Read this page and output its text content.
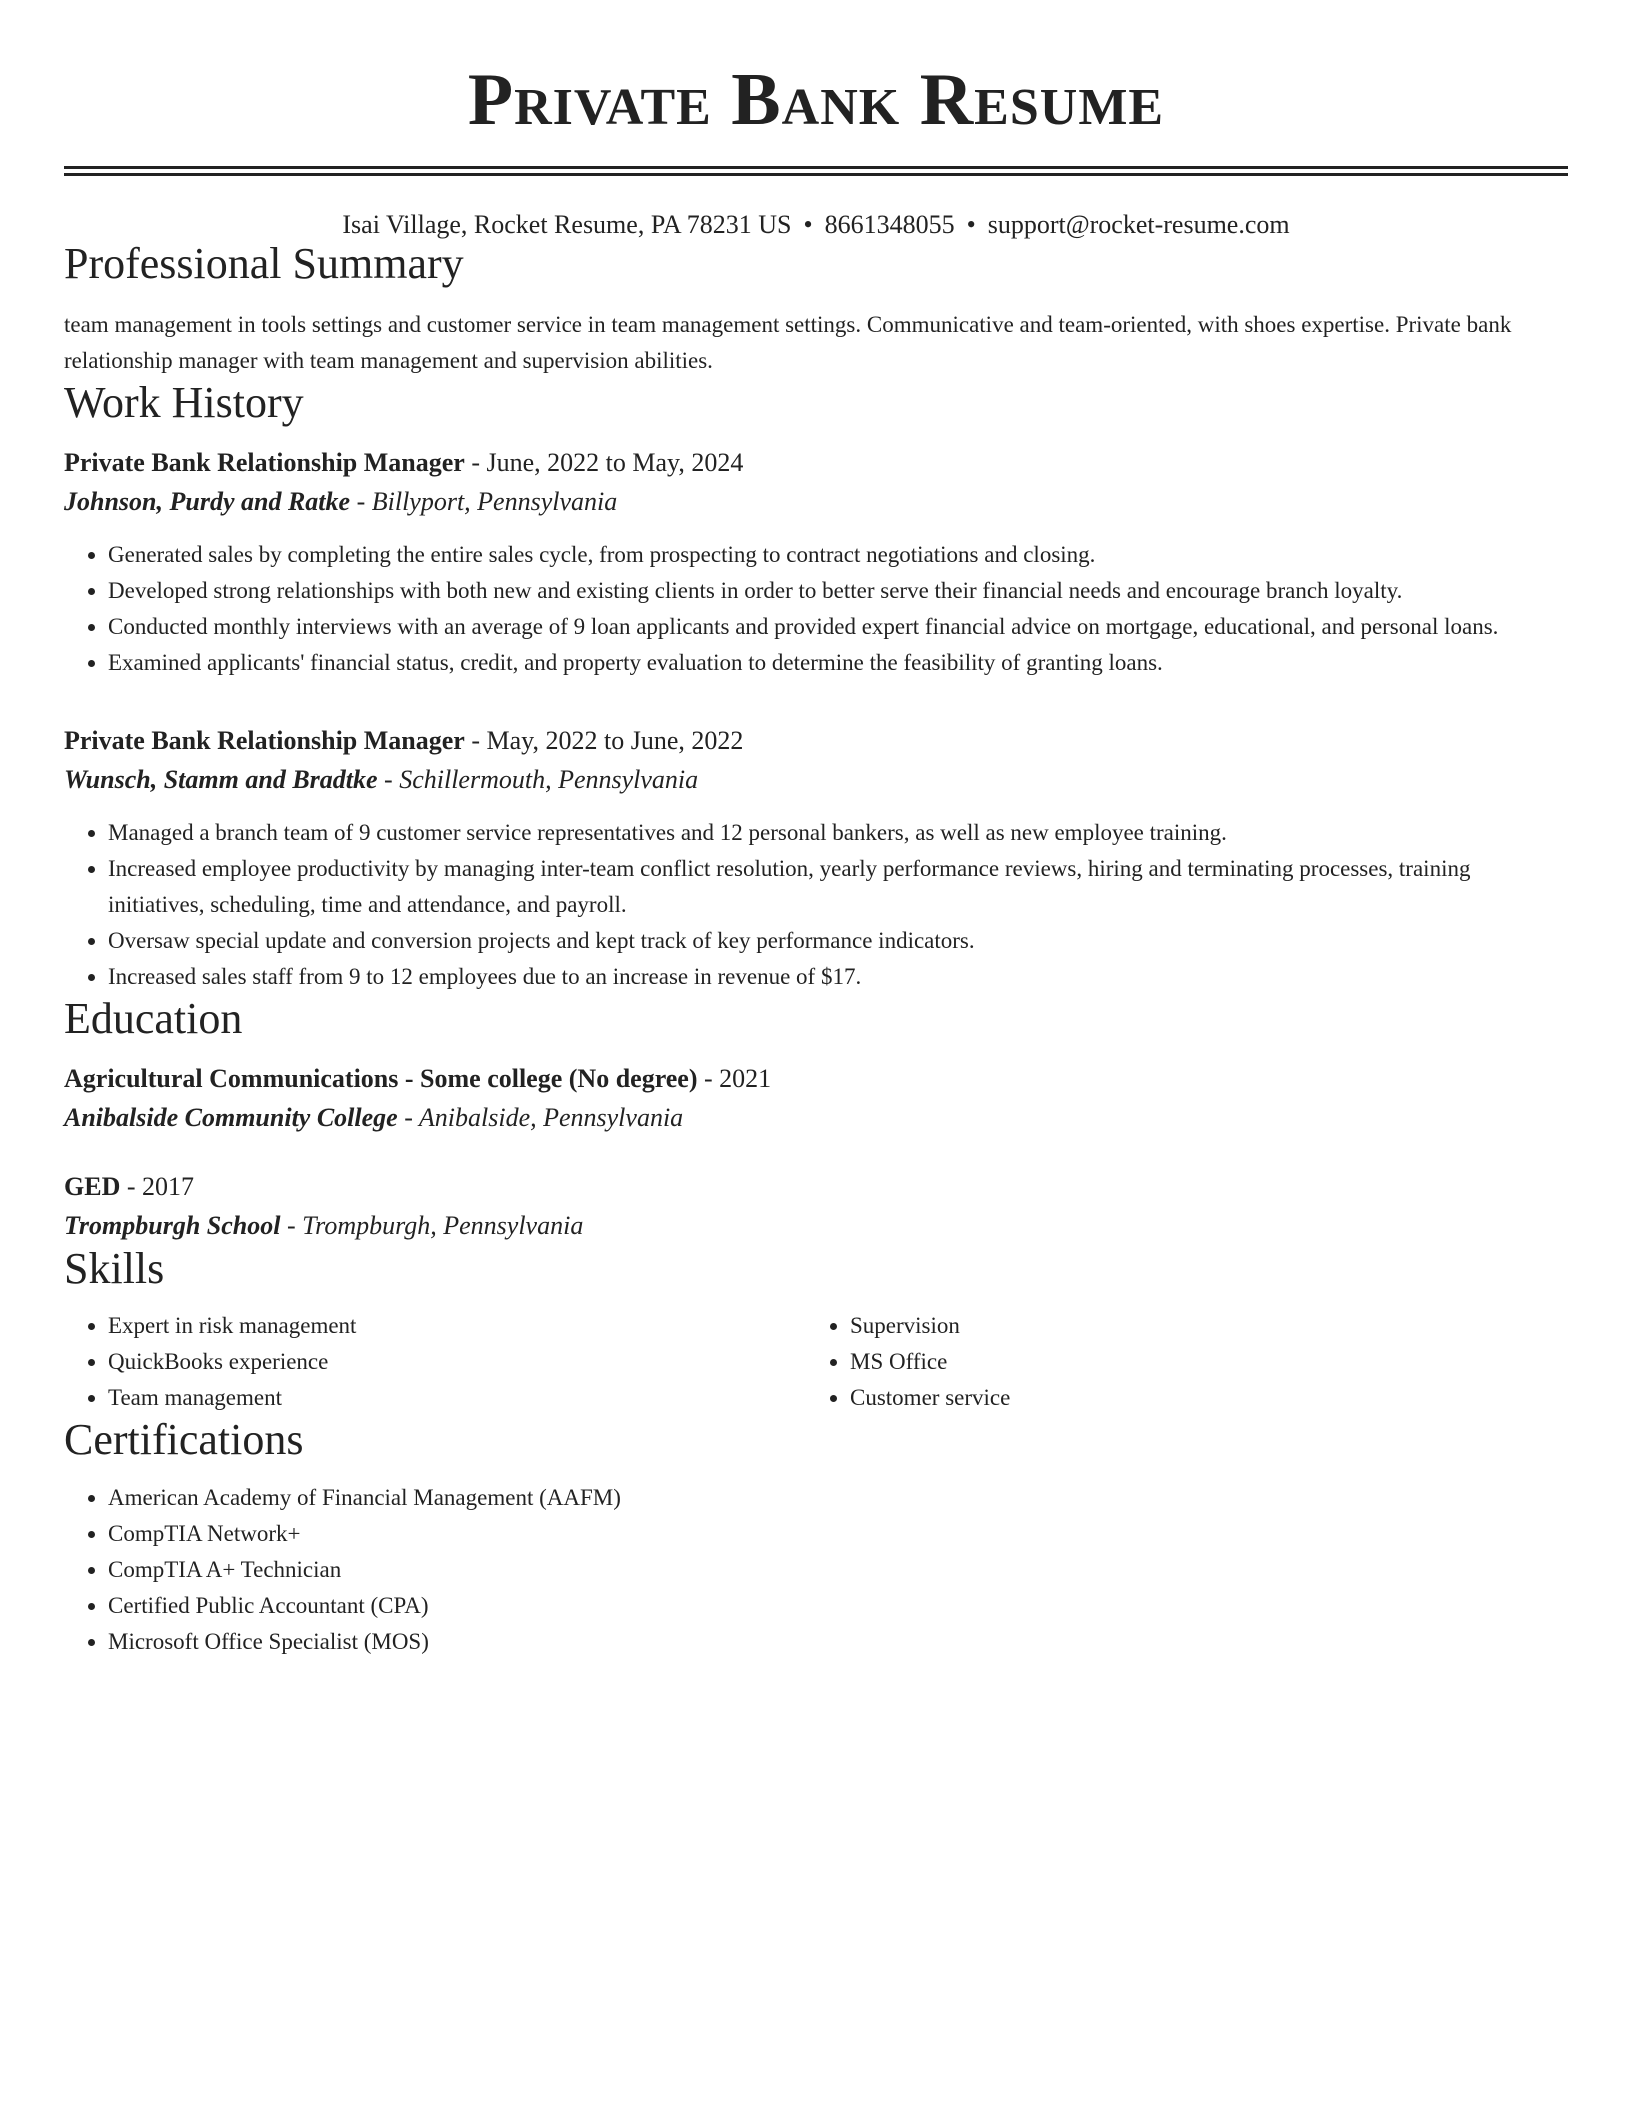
Private Bank Resume
Isai Village, Rocket Resume, PA 78231 US • 8661348055 • support@rocket-resume.com
Professional Summary
team management in tools settings and customer service in team management settings. Communicative and team-oriented, with shoes expertise. Private bank relationship manager with team management and supervision abilities.
Work History
Private Bank Relationship Manager - June, 2022 to May, 2024
Johnson, Purdy and Ratke - Billyport, Pennsylvania
• Generated sales by completing the entire sales cycle, from prospecting to contract negotiations and closing.
• Developed strong relationships with both new and existing clients in order to better serve their financial needs and encourage branch loyalty.
• Conducted monthly interviews with an average of 9 loan applicants and provided expert financial advice on mortgage, educational, and personal loans.
• Examined applicants' financial status, credit, and property evaluation to determine the feasibility of granting loans.
Private Bank Relationship Manager - May, 2022 to June, 2022
Wunsch, Stamm and Bradtke - Schillermouth, Pennsylvania
• Managed a branch team of 9 customer service representatives and 12 personal bankers, as well as new employee training.
• Increased employee productivity by managing inter-team conflict resolution, yearly performance reviews, hiring and terminating processes, training initiatives, scheduling, time and attendance, and payroll.
• Oversaw special update and conversion projects and kept track of key performance indicators.
• Increased sales staff from 9 to 12 employees due to an increase in revenue of $17.
Education
Agricultural Communications - Some college (No degree) - 2021
Anibalside Community College - Anibalside, Pennsylvania
GED - 2017
Trompburgh School - Trompburgh, Pennsylvania
Skills
• Expert in risk management
• QuickBooks experience
• Team management
• Supervision
• MS Office
• Customer service
Certifications
• American Academy of Financial Management (AAFM)
• CompTIA Network+
• CompTIA A+ Technician
• Certified Public Accountant (CPA)
• Microsoft Office Specialist (MOS)
